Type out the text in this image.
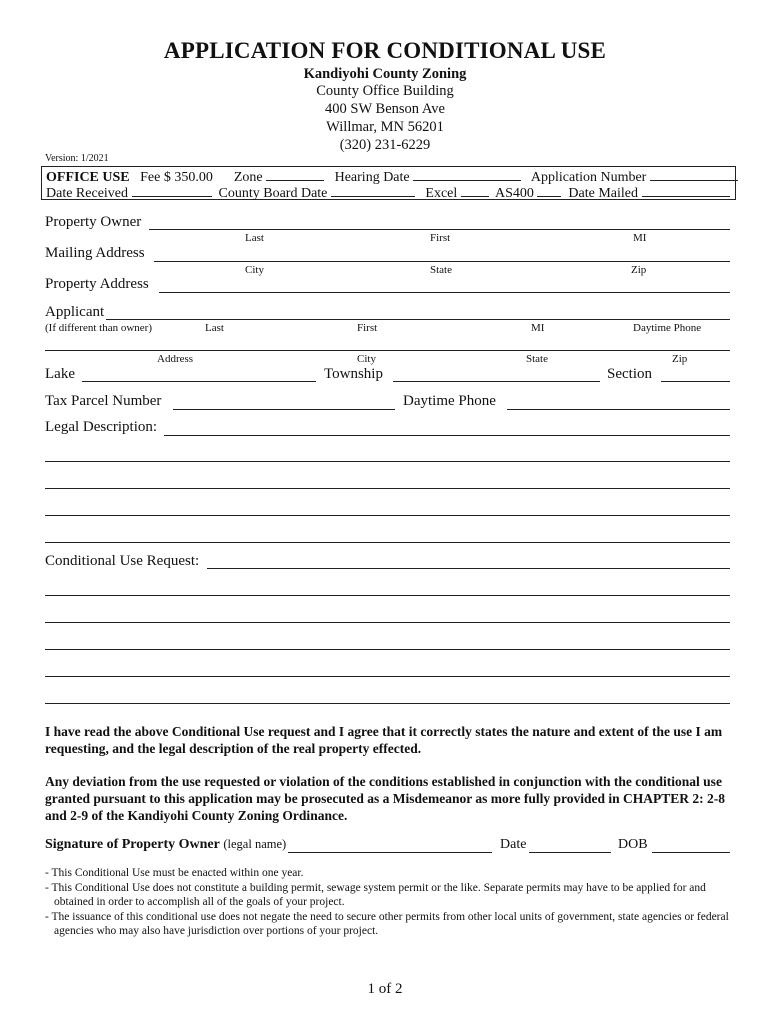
APPLICATION FOR CONDITIONAL USE
Kandiyohi County Zoning
County Office Building
400 SW Benson Ave
Willmar, MN 56201
(320) 231-6229
Version: 1/2021
OFFICE USE Fee $ 350.00 Zone	Hearing Date	Application Number
Date Received	County Board Date	Excel	AS400 Date Mailed
Property Owner
Last	First	MI
Mailing Address
City	State	Zip
Property Address
Applicant
(If different than owner)	Last	First	MI	Daytime Phone
Address	City	State	Zip
Lake	Township	Section
Tax Parcel Number	Daytime Phone
Legal Description:
Conditional Use Request:
I have read the above Conditional Use request and I agree that it correctly states the nature and extent of the use I am requesting, and the legal description of the real property effected.
Any deviation from the use requested or violation of the conditions established in conjunction with the conditional use granted pursuant to this application may be prosecuted as a Misdemeanor as more fully provided in CHAPTER 2: 2-8 and 2-9 of the Kandiyohi County Zoning Ordinance.
Signature of Property Owner (legal name)	Date	DOB
- This Conditional Use must be enacted within one year.
- This Conditional Use does not constitute a building permit, sewage system permit or the like. Separate permits may have to be applied for and obtained in order to accomplish all of the goals of your project.
- The issuance of this conditional use does not negate the need to secure other permits from other local units of government, state agencies or federal agencies who may also have jurisdiction over portions of your project.
1 of 2
